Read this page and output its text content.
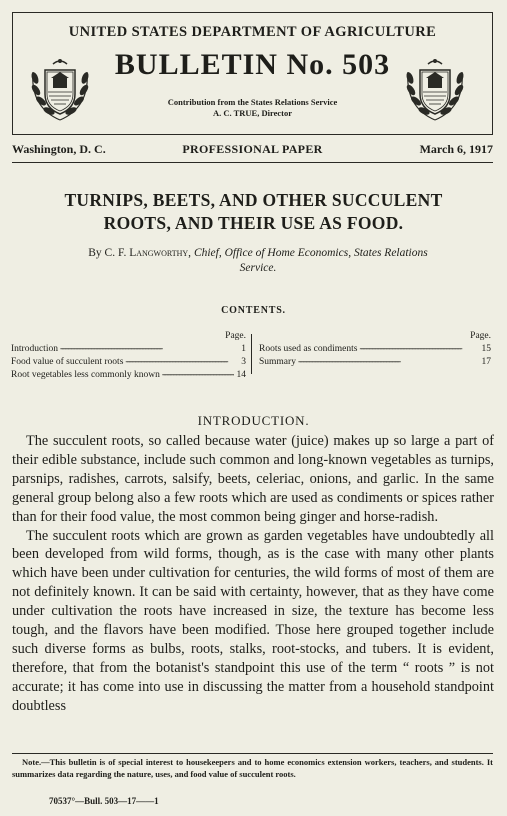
UNITED STATES DEPARTMENT OF AGRICULTURE
BULLETIN No. 503
Contribution from the States Relations Service
A. C. TRUE, Director
Washington, D. C.	PROFESSIONAL PAPER	March 6, 1917
TURNIPS, BEETS, AND OTHER SUCCULENT
ROOTS, AND THEIR USE AS FOOD.
By C. F. Langworthy, Chief, Office of Home Economics, States Relations
Service.
CONTENTS.
Page.
Introduction - - -	1
Food value of succulent roots - - -	3
Root vegetables less commonly known - - -	14
Page.
Roots used as condiments - - -	15
Summary - - -	17
INTRODUCTION.

The succulent roots, so called because water (juice) makes up so large a part of their edible substance, include such common and long-known vegetables as turnips, parsnips, radishes, carrots, salsify, beets, celeriac, onions, and garlic. In the same general group belong also a few roots which are used as condiments or spices rather than for their food value, the most common being ginger and horse-radish.

The succulent roots which are grown as garden vegetables have undoubtedly all been developed from wild forms, though, as is the case with many other plants which have been under cultivation for centuries, the wild forms of most of them are not definitely known. It can be said with certainty, however, that as they have come under cultivation the roots have increased in size, the texture has become less tough, and the flavors have been modified. Those here grouped together include such diverse forms as bulbs, roots, stalks, root-stocks, and tubers. It is evident, therefore, that from the botanist's standpoint this use of the term “ roots ” is not accurate; it has come into use in discussing the matter from a household standpoint doubtless

Note.—This bulletin is of special interest to housekeepers and to home economics extension workers, teachers, and students. It summarizes data regarding the nature, uses, and food value of succulent roots.

70537°—Bull. 503—17——1
